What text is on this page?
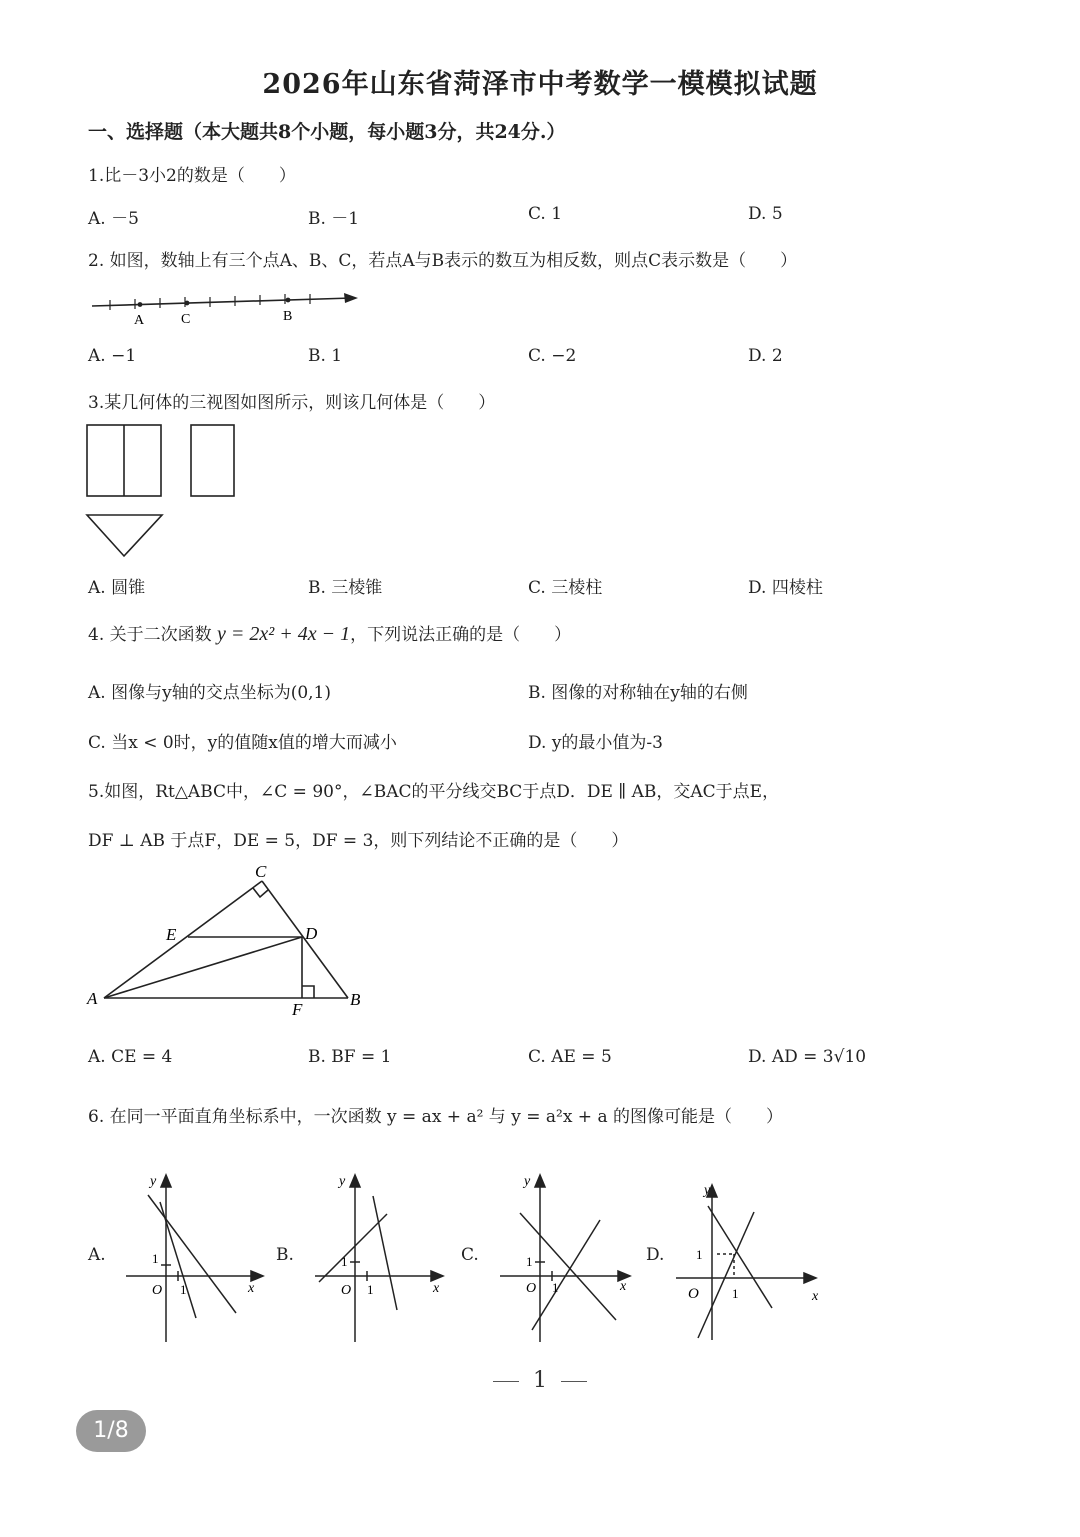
2026年山东省菏泽市中考数学一模模拟试题
一、选择题（本大题共8个小题，每小题3分，共24分.）
1.比－3小2的数是（　　）
A. －5	B. －1	C. 1	D. 5
2. 如图，数轴上有三个点A、B、C，若点A与B表示的数互为相反数，则点C表示数是（　　）
A	C	B
A. −1	B. 1	C. −2	D. 2
3.某几何体的三视图如图所示，则该几何体是（　　）
A. 圆锥	B. 三棱锥	C. 三棱柱	D. 四棱柱
4. 关于二次函数 y = 2x² + 4x − 1，下列说法正确的是（　　）
A. 图像与y轴的交点坐标为(0,1)	B. 图像的对称轴在y轴的右侧
C. 当x < 0时，y的值随x值的增大而减小	D. y的最小值为-3
5.如图，Rt△ABC中，∠C = 90°，∠BAC的平分线交BC于点D．DE ∥ AB，交AC于点E，
DF ⊥ AB 于点F，DE = 5，DF = 3，则下列结论不正确的是（　　）
C
E	D
A
F
B
A. CE = 4	B. BF = 1	C. AE = 5	D. AD = 3√10
6. 在同一平面直角坐标系中，一次函数 y = ax + a² 与 y = a²x + a 的图像可能是（　　）
A.
y
x
O 1
1	B.
y
x
O 1
1	C.
y
x
O 1
1	D.
y
x
O	1
1
1
1/8
